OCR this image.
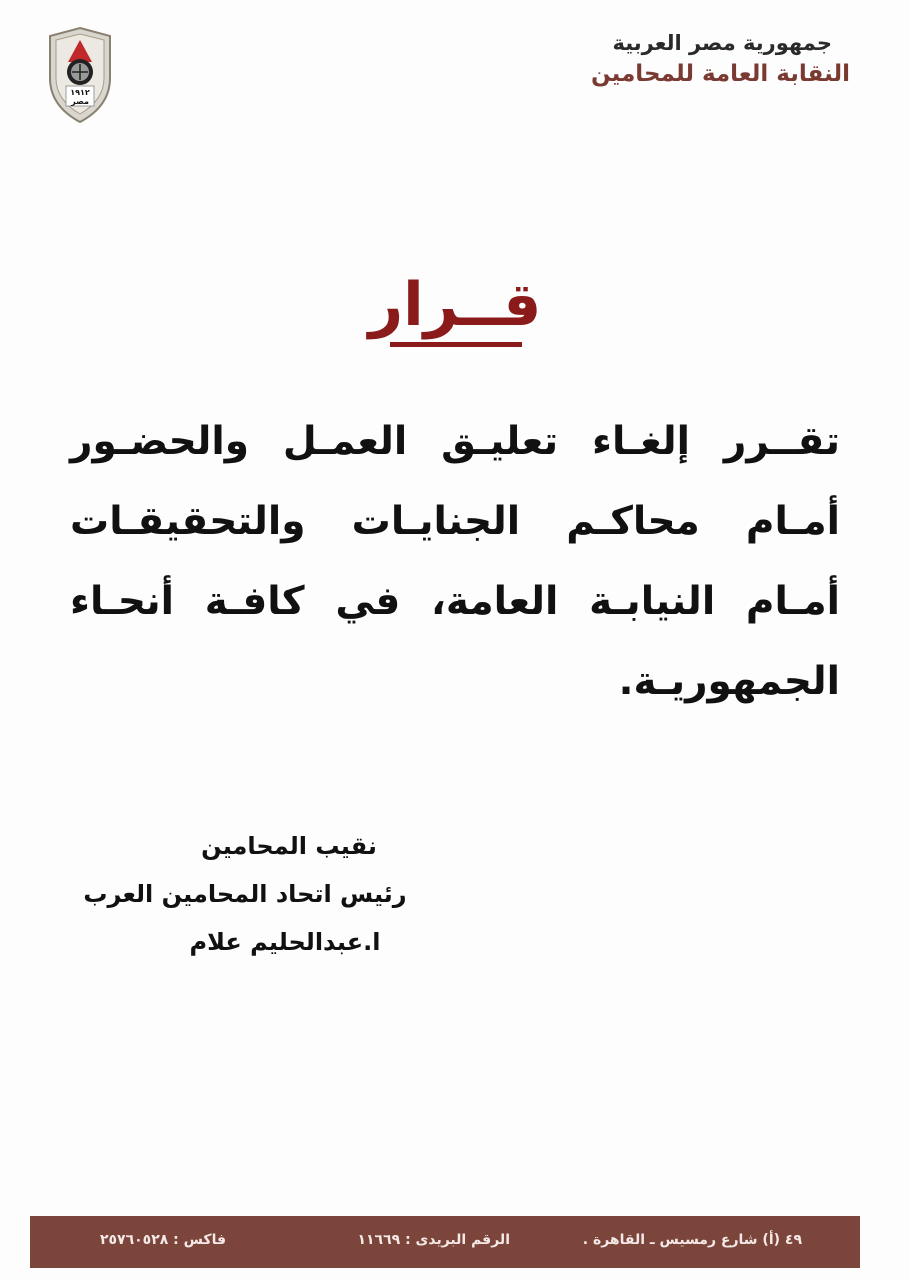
جمهورية مصر العربية
النقابة العامة للمحامين
١٩١٢
مصر
قــرار
تقــرر إلغـاء تعليـق العمـل والحضـور أمـام محاكـم الجنايـات والتحقيقـات أمـام النيابـة العامة، في كافـة أنحـاء الجمهوريـة.
نقيب المحامين
رئيس اتحاد المحامين العرب
ا.عبدالحليم علام
٤٩ (أ) شارع رمسيس ـ القاهرة .
الرقم البريدى : ١١٦٦٩
فاكس : ٢٥٧٦٠٥٢٨
